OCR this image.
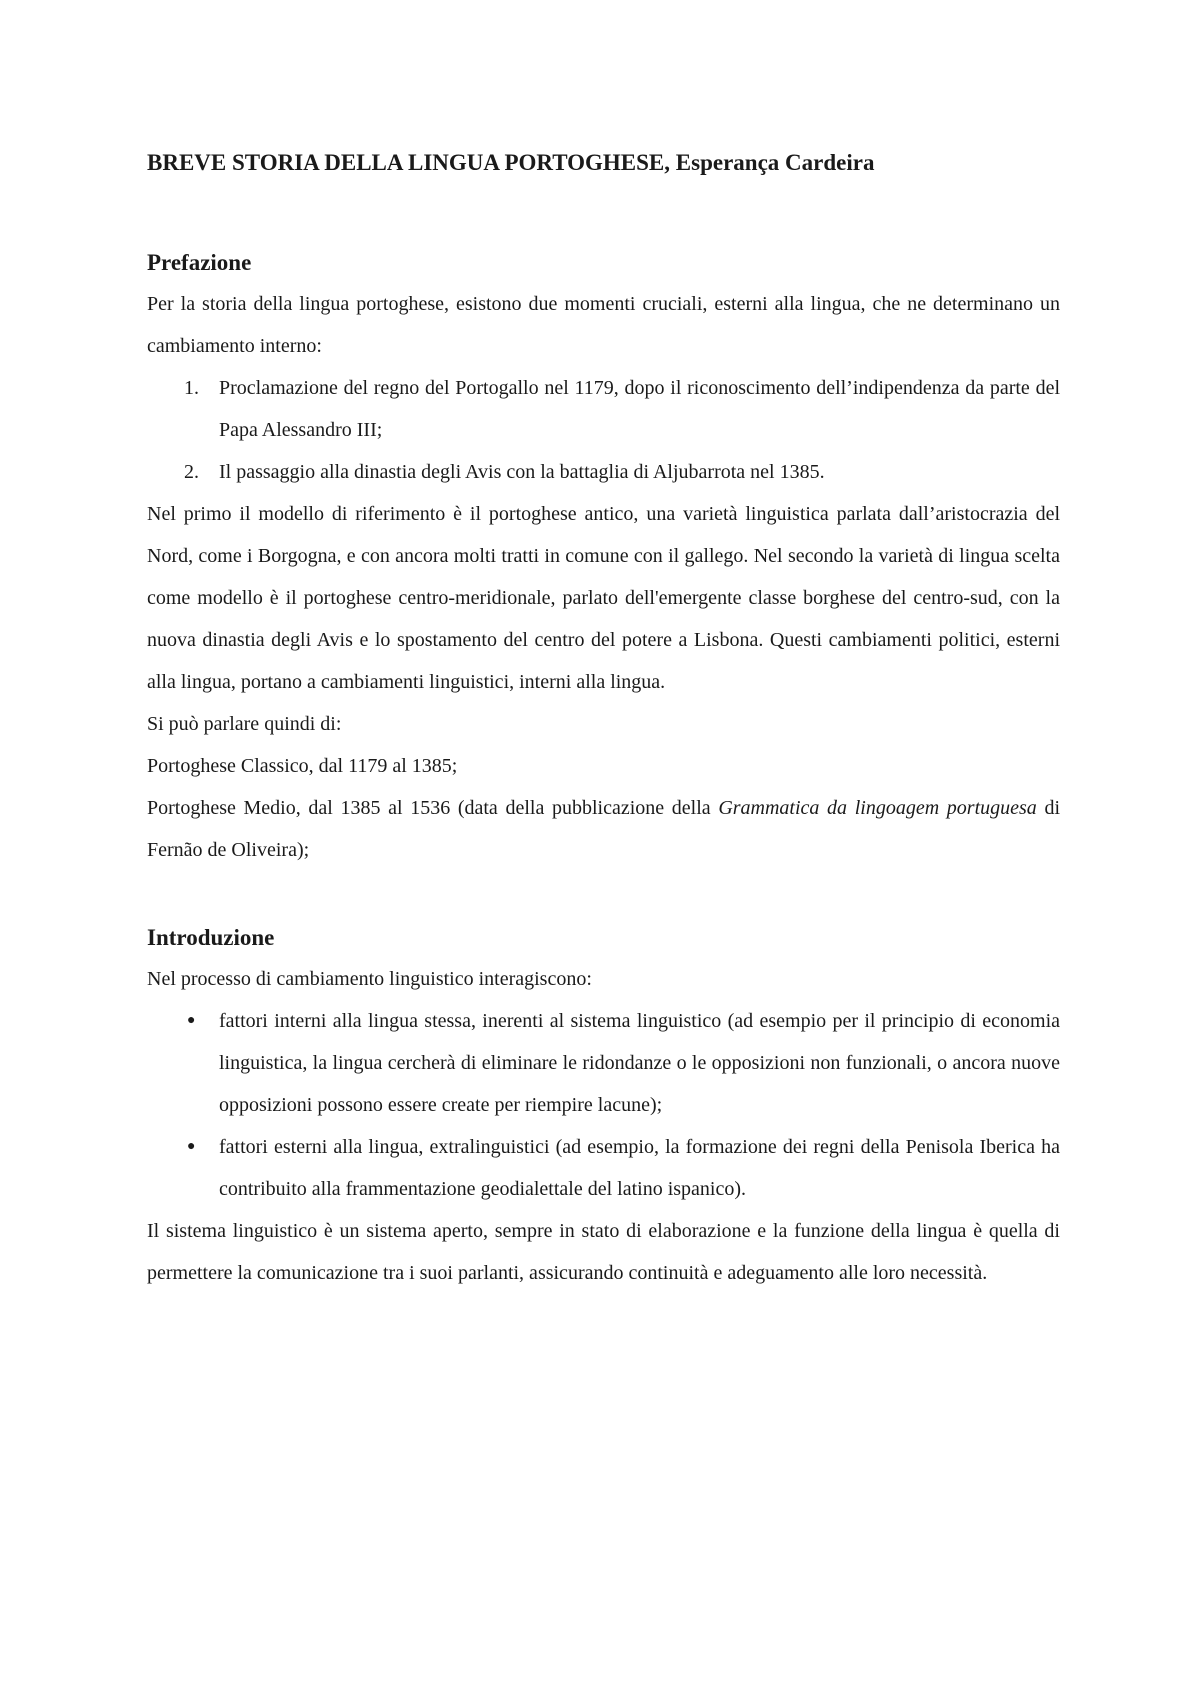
BREVE STORIA DELLA LINGUA PORTOGHESE, Esperança Cardeira
Prefazione

Per la storia della lingua portoghese, esistono due momenti cruciali, esterni alla lingua, che ne determinano un cambiamento interno:

1. Proclamazione del regno del Portogallo nel 1179, dopo il riconoscimento dell’indipendenza da parte del Papa Alessandro III;
2. Il passaggio alla dinastia degli Avis con la battaglia di Aljubarrota nel 1385.

Nel primo il modello di riferimento è il portoghese antico, una varietà linguistica parlata dall’aristocrazia del Nord, come i Borgogna, e con ancora molti tratti in comune con il gallego. Nel secondo la varietà di lingua scelta come modello è il portoghese centro-meridionale, parlato dell'emergente classe borghese del centro-sud, con la nuova dinastia degli Avis e lo spostamento del centro del potere a Lisbona. Questi cambiamenti politici, esterni alla lingua, portano a cambiamenti linguistici, interni alla lingua.

Si può parlare quindi di:

Portoghese Classico, dal 1179 al 1385;

Portoghese Medio, dal 1385 al 1536 (data della pubblicazione della Grammatica da lingoagem portuguesa di Fernão de Oliveira);

Introduzione

Nel processo di cambiamento linguistico interagiscono:

● fattori interni alla lingua stessa, inerenti al sistema linguistico (ad esempio per il principio di economia linguistica, la lingua cercherà di eliminare le ridondanze o le opposizioni non funzionali, o ancora nuove opposizioni possono essere create per riempire lacune);
● fattori esterni alla lingua, extralinguistici (ad esempio, la formazione dei regni della Penisola Iberica ha contribuito alla frammentazione geodialettale del latino ispanico).

Il sistema linguistico è un sistema aperto, sempre in stato di elaborazione e la funzione della lingua è quella di permettere la comunicazione tra i suoi parlanti, assicurando continuità e adeguamento alle loro necessità.
